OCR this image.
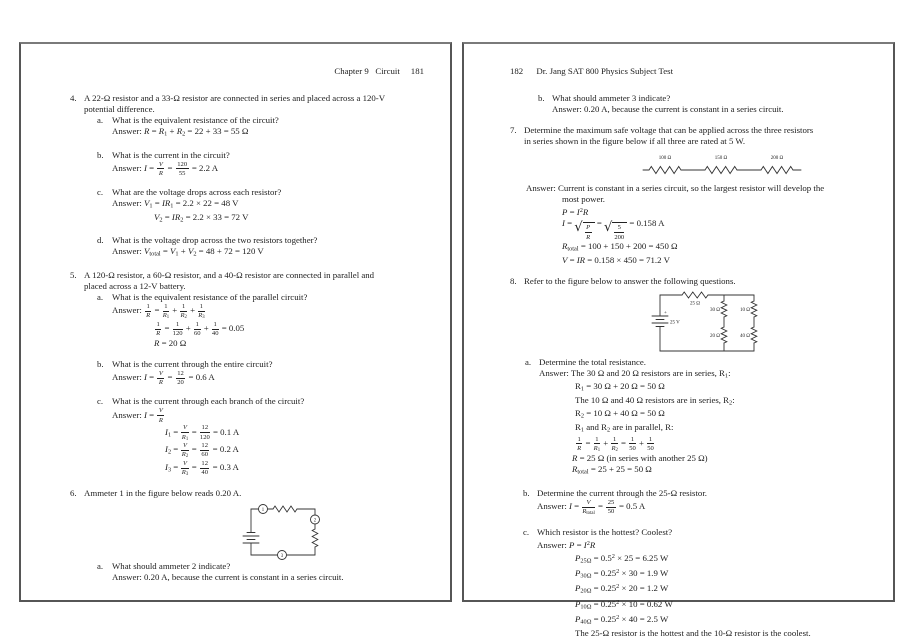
Chapter 9   Circuit     181
4. A 22-Ω resistor and a 33-Ω resistor are connected in series and placed across a 120-V
potential difference.
a. What is the equivalent resistance of the circuit?
Answer: $R = R_1 + R_2 = 22 + 33 = 55$ Ω
b. What is the current in the circuit?
Answer: $I = \frac{V}{R} = \frac{120}{55} = 2.2$ A
c. What are the voltage drops across each resistor?
Answer: $V_1 = IR_1 = 2.2 \times 22 = 48$ V
$V_2 = IR_2 = 2.2 \times 33 = 72$ V
d. What is the voltage drop across the two resistors together?
Answer: $V_{total} = V_1 + V_2 = 48 + 72 = 120$ V
5. A 120-Ω resistor, a 60-Ω resistor, and a 40-Ω resistor are connected in parallel and
placed across a 12-V battery.
a. What is the equivalent resistance of the parallel circuit?
Answer: $\frac{1}{R} = \frac{1}{R_1} + \frac{1}{R_2} + \frac{1}{R_3}$
$\frac{1}{R} = \frac{1}{120} + \frac{1}{60} + \frac{1}{40} = 0.05$
R = 20 Ω
b. What is the current through the entire circuit?
Answer: $I = \frac{V}{R} = \frac{12}{20} = 0.6$ A
c. What is the current through each branch of the circuit?
Answer: $I = \frac{V}{R}$
$I_1 = \frac{V}{R_1} = \frac{12}{120} = 0.1$ A
$I_2 = \frac{V}{R_2} = \frac{12}{60} = 0.2$ A
$I_3 = \frac{V}{R_3} = \frac{12}{40} = 0.3$ A
6. Ammeter 1 in the figure below reads 0.20 A.
1
2
3
a. What should ammeter 2 indicate?
Answer: 0.20 A, because the current is constant in a series circuit.
182      Dr. Jang SAT 800 Physics Subject Test
b. What should ammeter 3 indicate?
Answer: 0.20 A, because the current is constant in a series circuit.
7. Determine the maximum safe voltage that can be applied across the three resistors
in series shown in the figure below if all three are rated at 5 W.
100 Ω	150 Ω	200 Ω
Answer: Current is constant in a series circuit, so the largest resistor will develop the
most power.
$P = I^2R$
I = √ $\frac{P}{R}$
= √ $\frac{5}{200}$
= 0.158 A
$R_{total} = 100 + 150 + 200 = 450$ Ω
V = IR = 0.158 × 450 = 71.2 V
8. Refer to the figure below to answer the following questions.
25 Ω
+
25 V
30 Ω
20 Ω
10 Ω
40 Ω
a. Determine the total resistance.
Answer: The 30 Ω and 20 Ω resistors are in series, $R_1$:
$R_1 = 30$ Ω + 20 Ω = 50 Ω
The 10 Ω and 40 Ω resistors are in series, $R_2$:
$R_2 = 10$ Ω + 40 Ω = 50 Ω
$R_1$ and $R_2$ are in parallel, R:
$\frac{1}{R} = \frac{1}{R_1} + \frac{1}{R_2} = \frac{1}{50} + \frac{1}{50}$
R = 25 Ω (in series with another 25 Ω)
$R_{total} = 25 + 25 = 50$ Ω
b. Determine the current through the 25-Ω resistor.
Answer: $I = \frac{V}{R_{total}} = \frac{25}{50} = 0.5$ A
c. Which resistor is the hottest? Coolest?
Answer: $P = I^2R$
$P_{25\Omega} = 0.5^2 \times 25 = 6.25$ W
$P_{30\Omega} = 0.25^2 \times 30 = 1.9$ W
$P_{20\Omega} = 0.25^2 \times 20 = 1.2$ W
$P_{10\Omega} = 0.25^2 \times 10 = 0.62$ W
$P_{40\Omega} = 0.25^2 \times 40 = 2.5$ W
The 25-Ω resistor is the hottest and the 10-Ω resistor is the coolest.
